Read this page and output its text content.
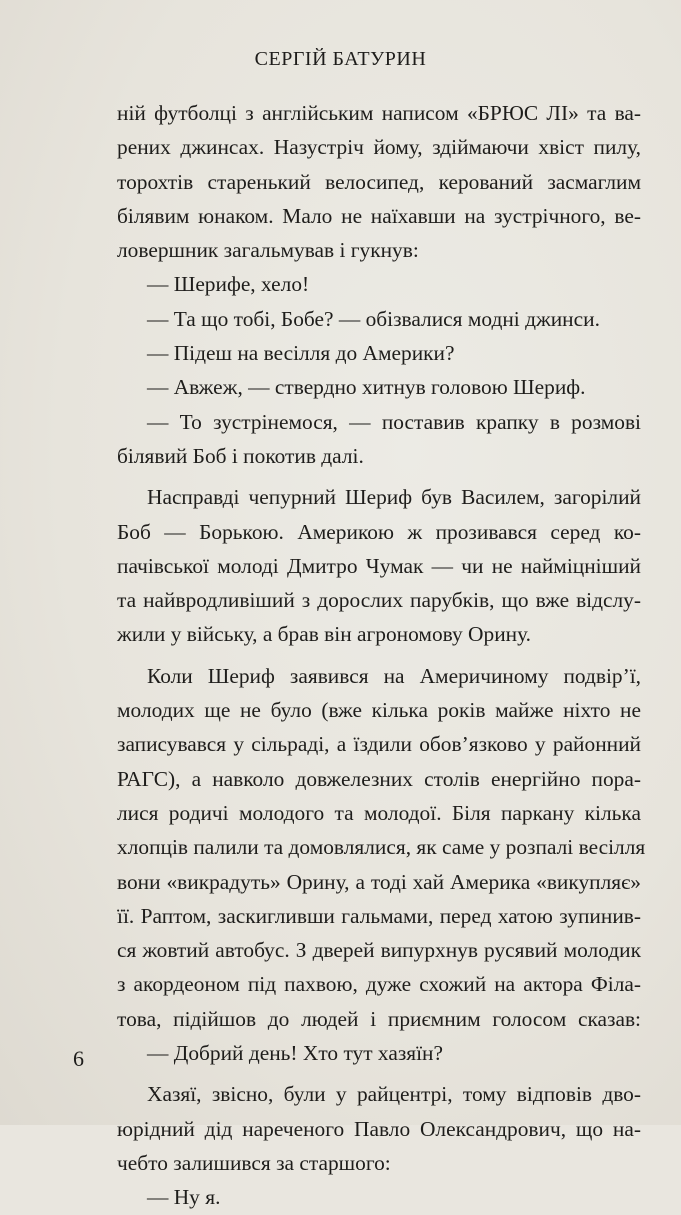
СЕРГІЙ БАТУРИН
ній футболці з англійським написом «БРЮС ЛІ» та ва-
рених джинсах. Назустріч йому, здіймаючи хвіст пилу,
торохтів старенький велосипед, керований засмаглим
білявим юнаком. Мало не наїхавши на зустрічного, ве-
ловершник загальмував і гукнув:
— Шерифе, хело!
— Та що тобі, Бобе? — обізвалися модні джинси.
— Підеш на весілля до Америки?
— Авжеж, — ствердно хитнув головою Шериф.
— То зустрінемося, — поставив крапку в розмові
білявий Боб і покотив далі.
Насправді чепурний Шериф був Василем, загорілий
Боб — Борькою. Америкою ж прозивався серед ко-
пачівської молоді Дмитро Чумак — чи не найміцніший
та найвродливіший з дорослих парубків, що вже відслу-
жили у війську, а брав він агрономову Орину.
Коли Шериф заявився на Америчиному подвір’ї,
молодих ще не було (вже кілька років майже ніхто не
записувався у сільраді, а їздили обов’язково у районний
РАГС), а навколо довжелезних столів енергійно пора-
лися родичі молодого та молодої. Біля паркану кілька
хлопців палили та домовлялися, як саме у розпалі весілля
вони «викрадуть» Орину, а тоді хай Америка «викупляє»
її. Раптом, заскигливши гальмами, перед хатою зупинив-
ся жовтий автобус. З дверей випурхнув русявий молодик
з акордеоном під пахвою, дуже схожий на актора Філа-
това, підійшов до людей і приємним голосом сказав:
— Добрий день! Хто тут хазяїн?
Хазяї, звісно, були у райцентрі, тому відповів дво-
юрідний дід нареченого Павло Олександрович, що на-
чебто залишився за старшого:
— Ну я.
6
